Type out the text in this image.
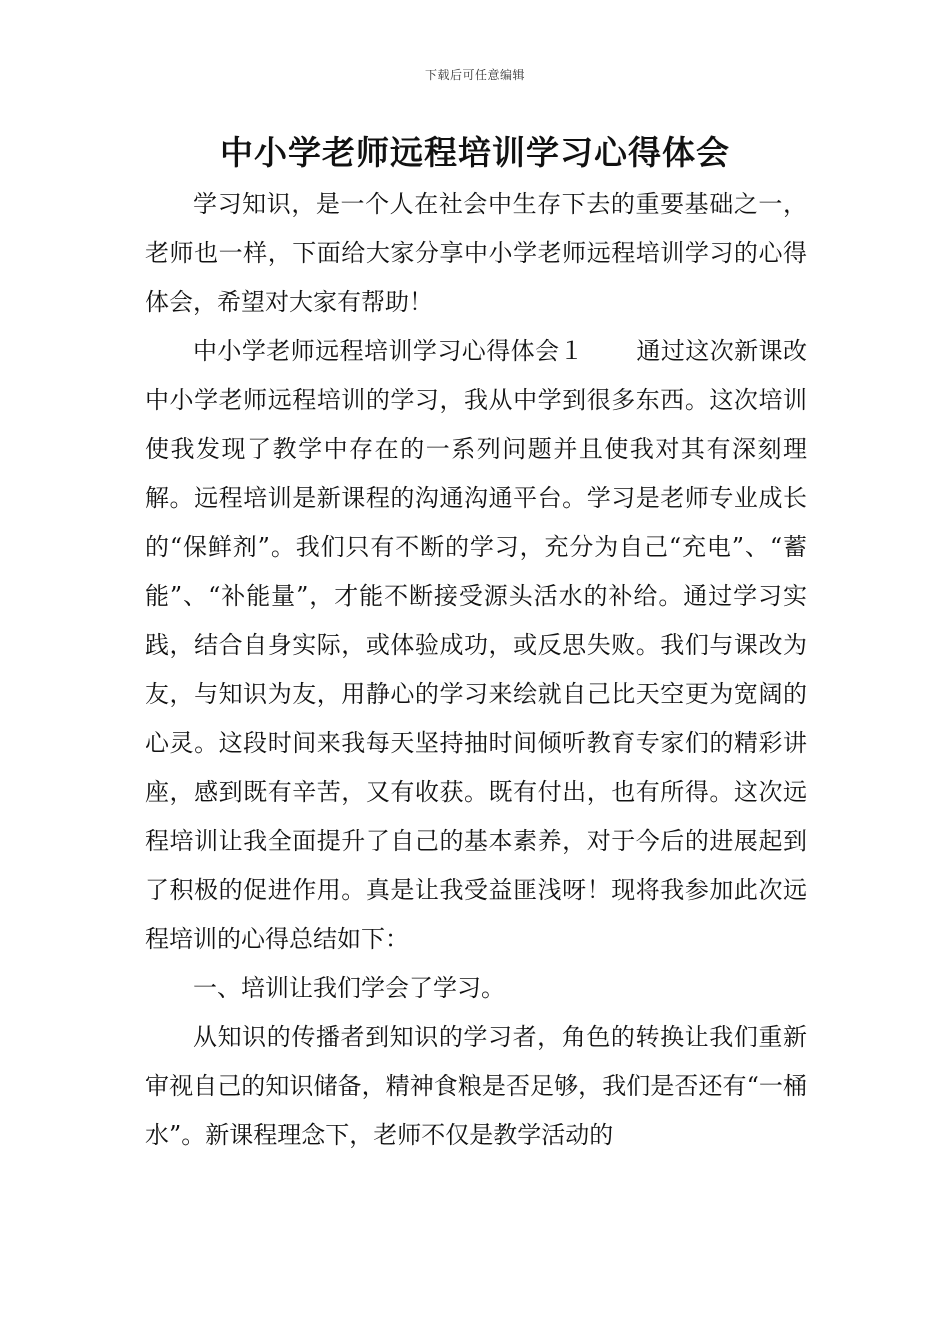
下载后可任意编辑
中小学老师远程培训学习心得体会

学习知识，是一个人在社会中生存下去的重要基础之一，老师也一样，下面给大家分享中小学老师远程培训学习的心得体会，希望对大家有帮助！

中小学老师远程培训学习心得体会１ 通过这次新课改中小学老师远程培训的学习，我从中学到很多东西。这次培训使我发现了教学中存在的一系列问题并且使我对其有深刻理解。远程培训是新课程的沟通沟通平台。学习是老师专业成长的“保鲜剂”。我们只有不断的学习，充分为自己“充电”、“蓄能”、“补能量”，才能不断接受源头活水的补给。通过学习实践，结合自身实际，或体验成功，或反思失败。我们与课改为友，与知识为友，用静心的学习来绘就自己比天空更为宽阔的心灵。这段时间来我每天坚持抽时间倾听教育专家们的精彩讲座，感到既有辛苦，又有收获。既有付出，也有所得。这次远程培训让我全面提升了自己的基本素养，对于今后的进展起到了积极的促进作用。真是让我受益匪浅呀！现将我参加此次远程培训的心得总结如下：

一、培训让我们学会了学习。

从知识的传播者到知识的学习者，角色的转换让我们重新审视自己的知识储备，精神食粮是否足够，我们是否还有“一桶水”。新课程理念下，老师不仅是教学活动的
